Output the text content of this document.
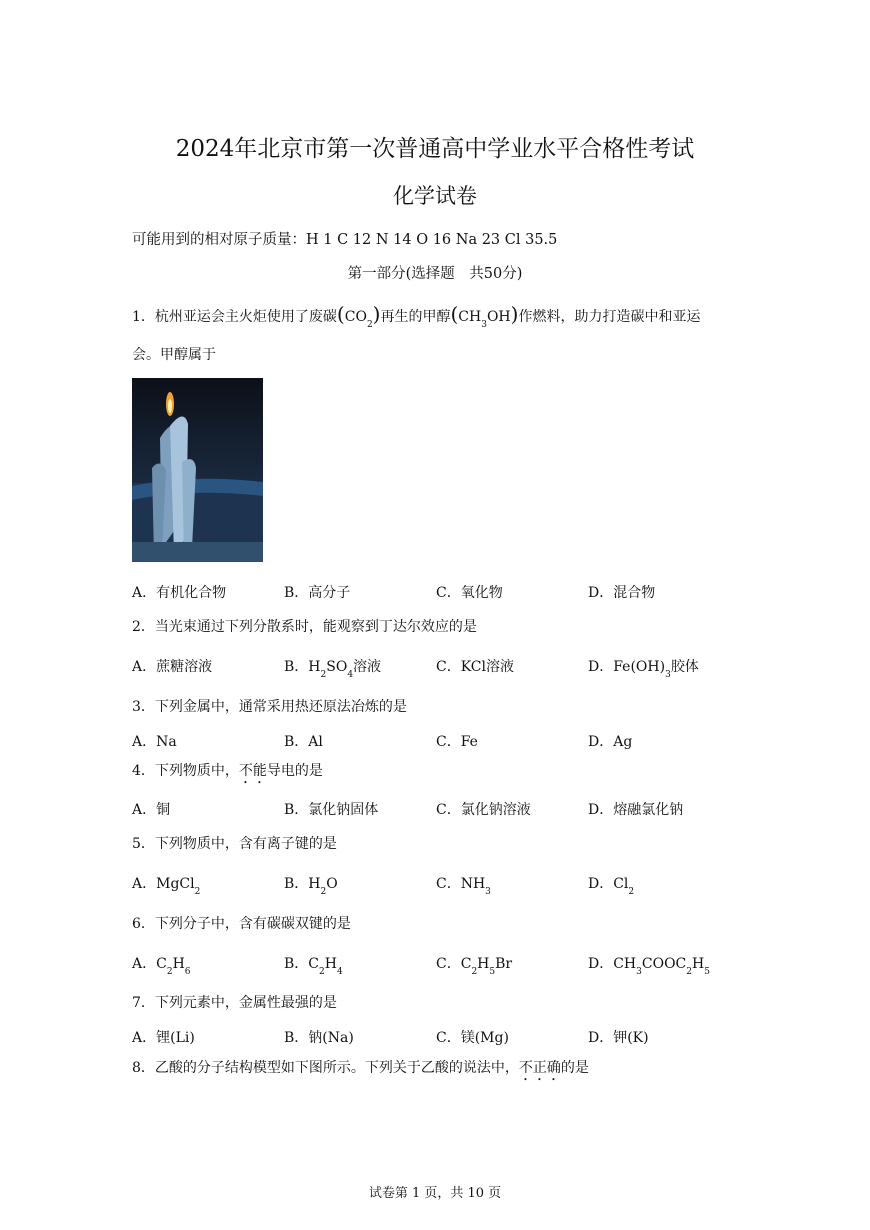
2024年北京市第一次普通高中学业水平合格性考试
化学试卷
可能用到的相对原子质量：H 1 C 12 N 14 O 16 Na 23 Cl 35.5
第一部分(选择题　共50分)
1．杭州亚运会主火炬使用了废碳$(CO_2)$再生的甲醇$(CH_3OH)$作燃料，助力打造碳中和亚运
会。甲醇属于
A．有机化合物	B．高分子	C．氧化物	D．混合物
2．当光束通过下列分散系时，能观察到丁达尔效应的是
A．蔗糖溶液	B．$H_2SO_4$溶液	C．KCl溶液	D．$Fe(OH)_3$胶体
3．下列金属中，通常采用热还原法冶炼的是
A．Na	B．Al	C．Fe	D．Ag
4．下列物质中，不能导电的是
A．铜	B．氯化钠固体	C．氯化钠溶液	D．熔融氯化钠
5．下列物质中，含有离子键的是
A．MgCl$_2$	B．$H_2O$	C．$NH_3$	D．$Cl_2$
6．下列分子中，含有碳碳双键的是
A．$C_2H_6$	B．$C_2H_4$	C．$C_2H_5Br$	D．$CH_3COOC_2H_5$
7．下列元素中，金属性最强的是
A．锂(Li)	B．钠(Na)	C．镁(Mg)	D．钾(K)
8．乙酸的分子结构模型如下图所示。下列关于乙酸的说法中，不正确的是
试卷第 1 页，共 10 页
